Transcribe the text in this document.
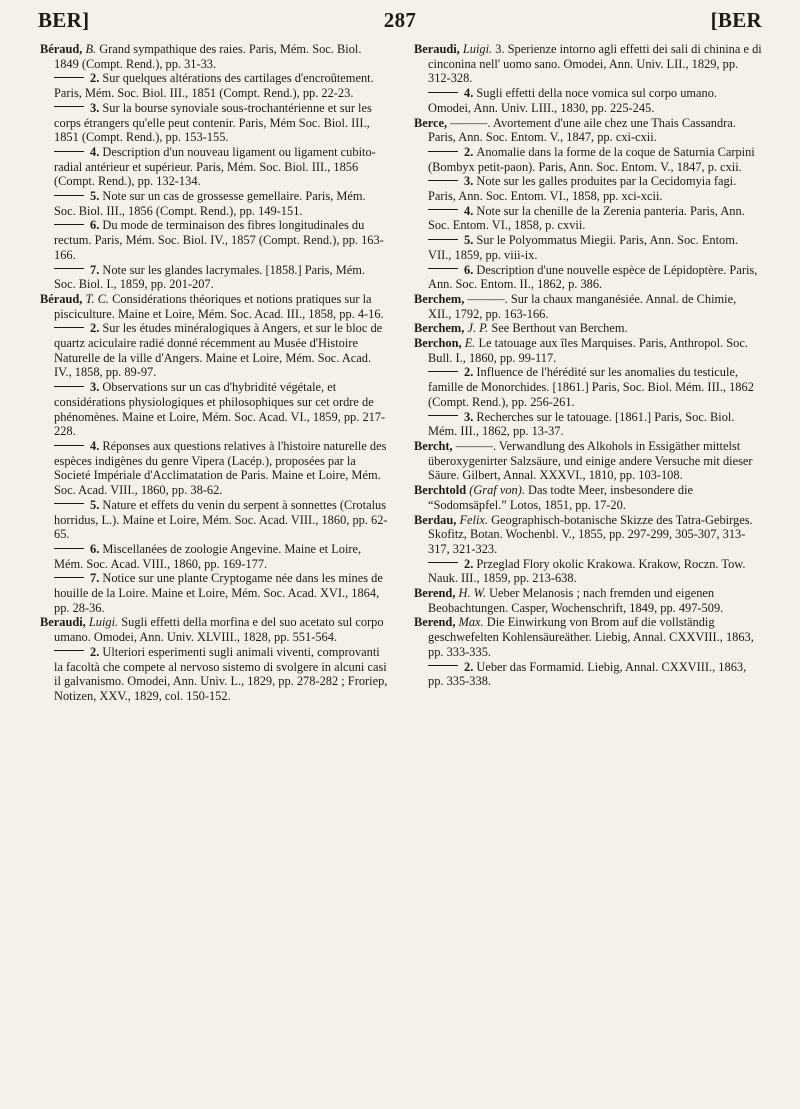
BER]	287	[BER
Béraud, B. Grand sympathique des raies. Paris, Mém. Soc. Biol. 1849 (Compt. Rend.), pp. 31-33.
2. Sur quelques altérations des cartilages d'encroûtement. Paris, Mém. Soc. Biol. III., 1851 (Compt. Rend.), pp. 22-23.
3. Sur la bourse synoviale sous-trochantérienne et sur les corps étrangers qu'elle peut contenir. Paris, Mém Soc. Biol. III., 1851 (Compt. Rend.), pp. 153-155.
4. Description d'un nouveau ligament ou ligament cubito-radial antérieur et supérieur. Paris, Mém. Soc. Biol. III., 1856 (Compt. Rend.), pp. 132-134.
5. Note sur un cas de grossesse gemellaire. Paris, Mém. Soc. Biol. III., 1856 (Compt. Rend.), pp. 149-151.
6. Du mode de terminaison des fibres longitudinales du rectum. Paris, Mém. Soc. Biol. IV., 1857 (Compt. Rend.), pp. 163-166.
7. Note sur les glandes lacrymales. [1858.] Paris, Mém. Soc. Biol. I., 1859, pp. 201-207.
Béraud, T. C. Considérations théoriques et notions pratiques sur la pisciculture. Maine et Loire, Mém. Soc. Acad. III., 1858, pp. 4-16.
2. Sur les études minéralogiques à Angers, et sur le bloc de quartz aciculaire radié donné récemment au Musée d'Histoire Naturelle de la ville d'Angers. Maine et Loire, Mém. Soc. Acad. IV., 1858, pp. 89-97.
3. Observations sur un cas d'hybridité végétale, et considérations physiologiques et philosophiques sur cet ordre de phénomènes. Maine et Loire, Mém. Soc. Acad. VI., 1859, pp. 217-228.
4. Réponses aux questions relatives à l'histoire naturelle des espèces indigènes du genre Vipera (Lacép.), proposées par la Societé Impériale d'Acclimatation de Paris. Maine et Loire, Mém. Soc. Acad. VIII., 1860, pp. 38-62.
5. Nature et effets du venin du serpent à sonnettes (Crotalus horridus, L.). Maine et Loire, Mém. Soc. Acad. VIII., 1860, pp. 62-65.
6. Miscellanées de zoologie Angevine. Maine et Loire, Mém. Soc. Acad. VIII., 1860, pp. 169-177.
7. Notice sur une plante Cryptogame née dans les mines de houille de la Loire. Maine et Loire, Mém. Soc. Acad. XVI., 1864, pp. 28-36.
Beraudi, Luigi. Sugli effetti della morfina e del suo acetato sul corpo umano. Omodei, Ann. Univ. XLVIII., 1828, pp. 551-564.
2. Ulteriori esperimenti sugli animali viventi, comprovanti la facoltà che compete al nervoso sistemo di svolgere in alcuni casi il galvanismo. Omodei, Ann. Univ. L., 1829, pp. 278-282 ; Froriep, Notizen, XXV., 1829, col. 150-152.
Beraudi, Luigi. 3. Sperienze intorno agli effetti dei sali di chinina e di cinconina nell' uomo sano. Omodei, Ann. Univ. LII., 1829, pp. 312-328.
4. Sugli effetti della noce vomica sul corpo umano. Omodei, Ann. Univ. LIII., 1830, pp. 225-245.
Berce, ———. Avortement d'une aile chez une Thais Cassandra. Paris, Ann. Soc. Entom. V., 1847, pp. cxi-cxii.
2. Anomalie dans la forme de la coque de Saturnia Carpini (Bombyx petit-paon). Paris, Ann. Soc. Entom. V., 1847, p. cxii.
3. Note sur les galles produites par la Cecidomyia fagi. Paris, Ann. Soc. Entom. VI., 1858, pp. xci-xcii.
4. Note sur la chenille de la Zerenia panteria. Paris, Ann. Soc. Entom. VI., 1858, p. cxvii.
5. Sur le Polyommatus Miegii. Paris, Ann. Soc. Entom. VII., 1859, pp. viii-ix.
6. Description d'une nouvelle espèce de Lépidoptère. Paris, Ann. Soc. Entom. II., 1862, p. 386.
Berchem, ———. Sur la chaux manganésiée. Annal. de Chimie, XII., 1792, pp. 163-166.
Berchem, J. P. See Berthout van Berchem.
Berchon, E. Le tatouage aux îles Marquises. Paris, Anthropol. Soc. Bull. I., 1860, pp. 99-117.
2. Influence de l'hérédité sur les anomalies du testicule, famille de Monorchides. [1861.] Paris, Soc. Biol. Mém. III., 1862 (Compt. Rend.), pp. 256-261.
3. Recherches sur le tatouage. [1861.] Paris, Soc. Biol. Mém. III., 1862, pp. 13-37.
Bercht, ———. Verwandlung des Alkohols in Essigäther mittelst überoxygenirter Salzsäure, und einige andere Versuche mit dieser Säure. Gilbert, Annal. XXXVI., 1810, pp. 103-108.
Berchtold (Graf von). Das todte Meer, insbesondere die “Sodomsäpfel.” Lotos, 1851, pp. 17-20.
Berdau, Felix. Geographisch-botanische Skizze des Tatra-Gebirges. Skofitz, Botan. Wochenbl. V., 1855, pp. 297-299, 305-307, 313-317, 321-323.
2. Przeglad Flory okolic Krakowa. Krakow, Roczn. Tow. Nauk. III., 1859, pp. 213-638.
Berend, H. W. Ueber Melanosis ; nach fremden und eigenen Beobachtungen. Casper, Wochenschrift, 1849, pp. 497-509.
Berend, Max. Die Einwirkung von Brom auf die vollständig geschwefelten Kohlensäureäther. Liebig, Annal. CXXVIII., 1863, pp. 333-335.
2. Ueber das Formamid. Liebig, Annal. CXXVIII., 1863, pp. 335-338.
